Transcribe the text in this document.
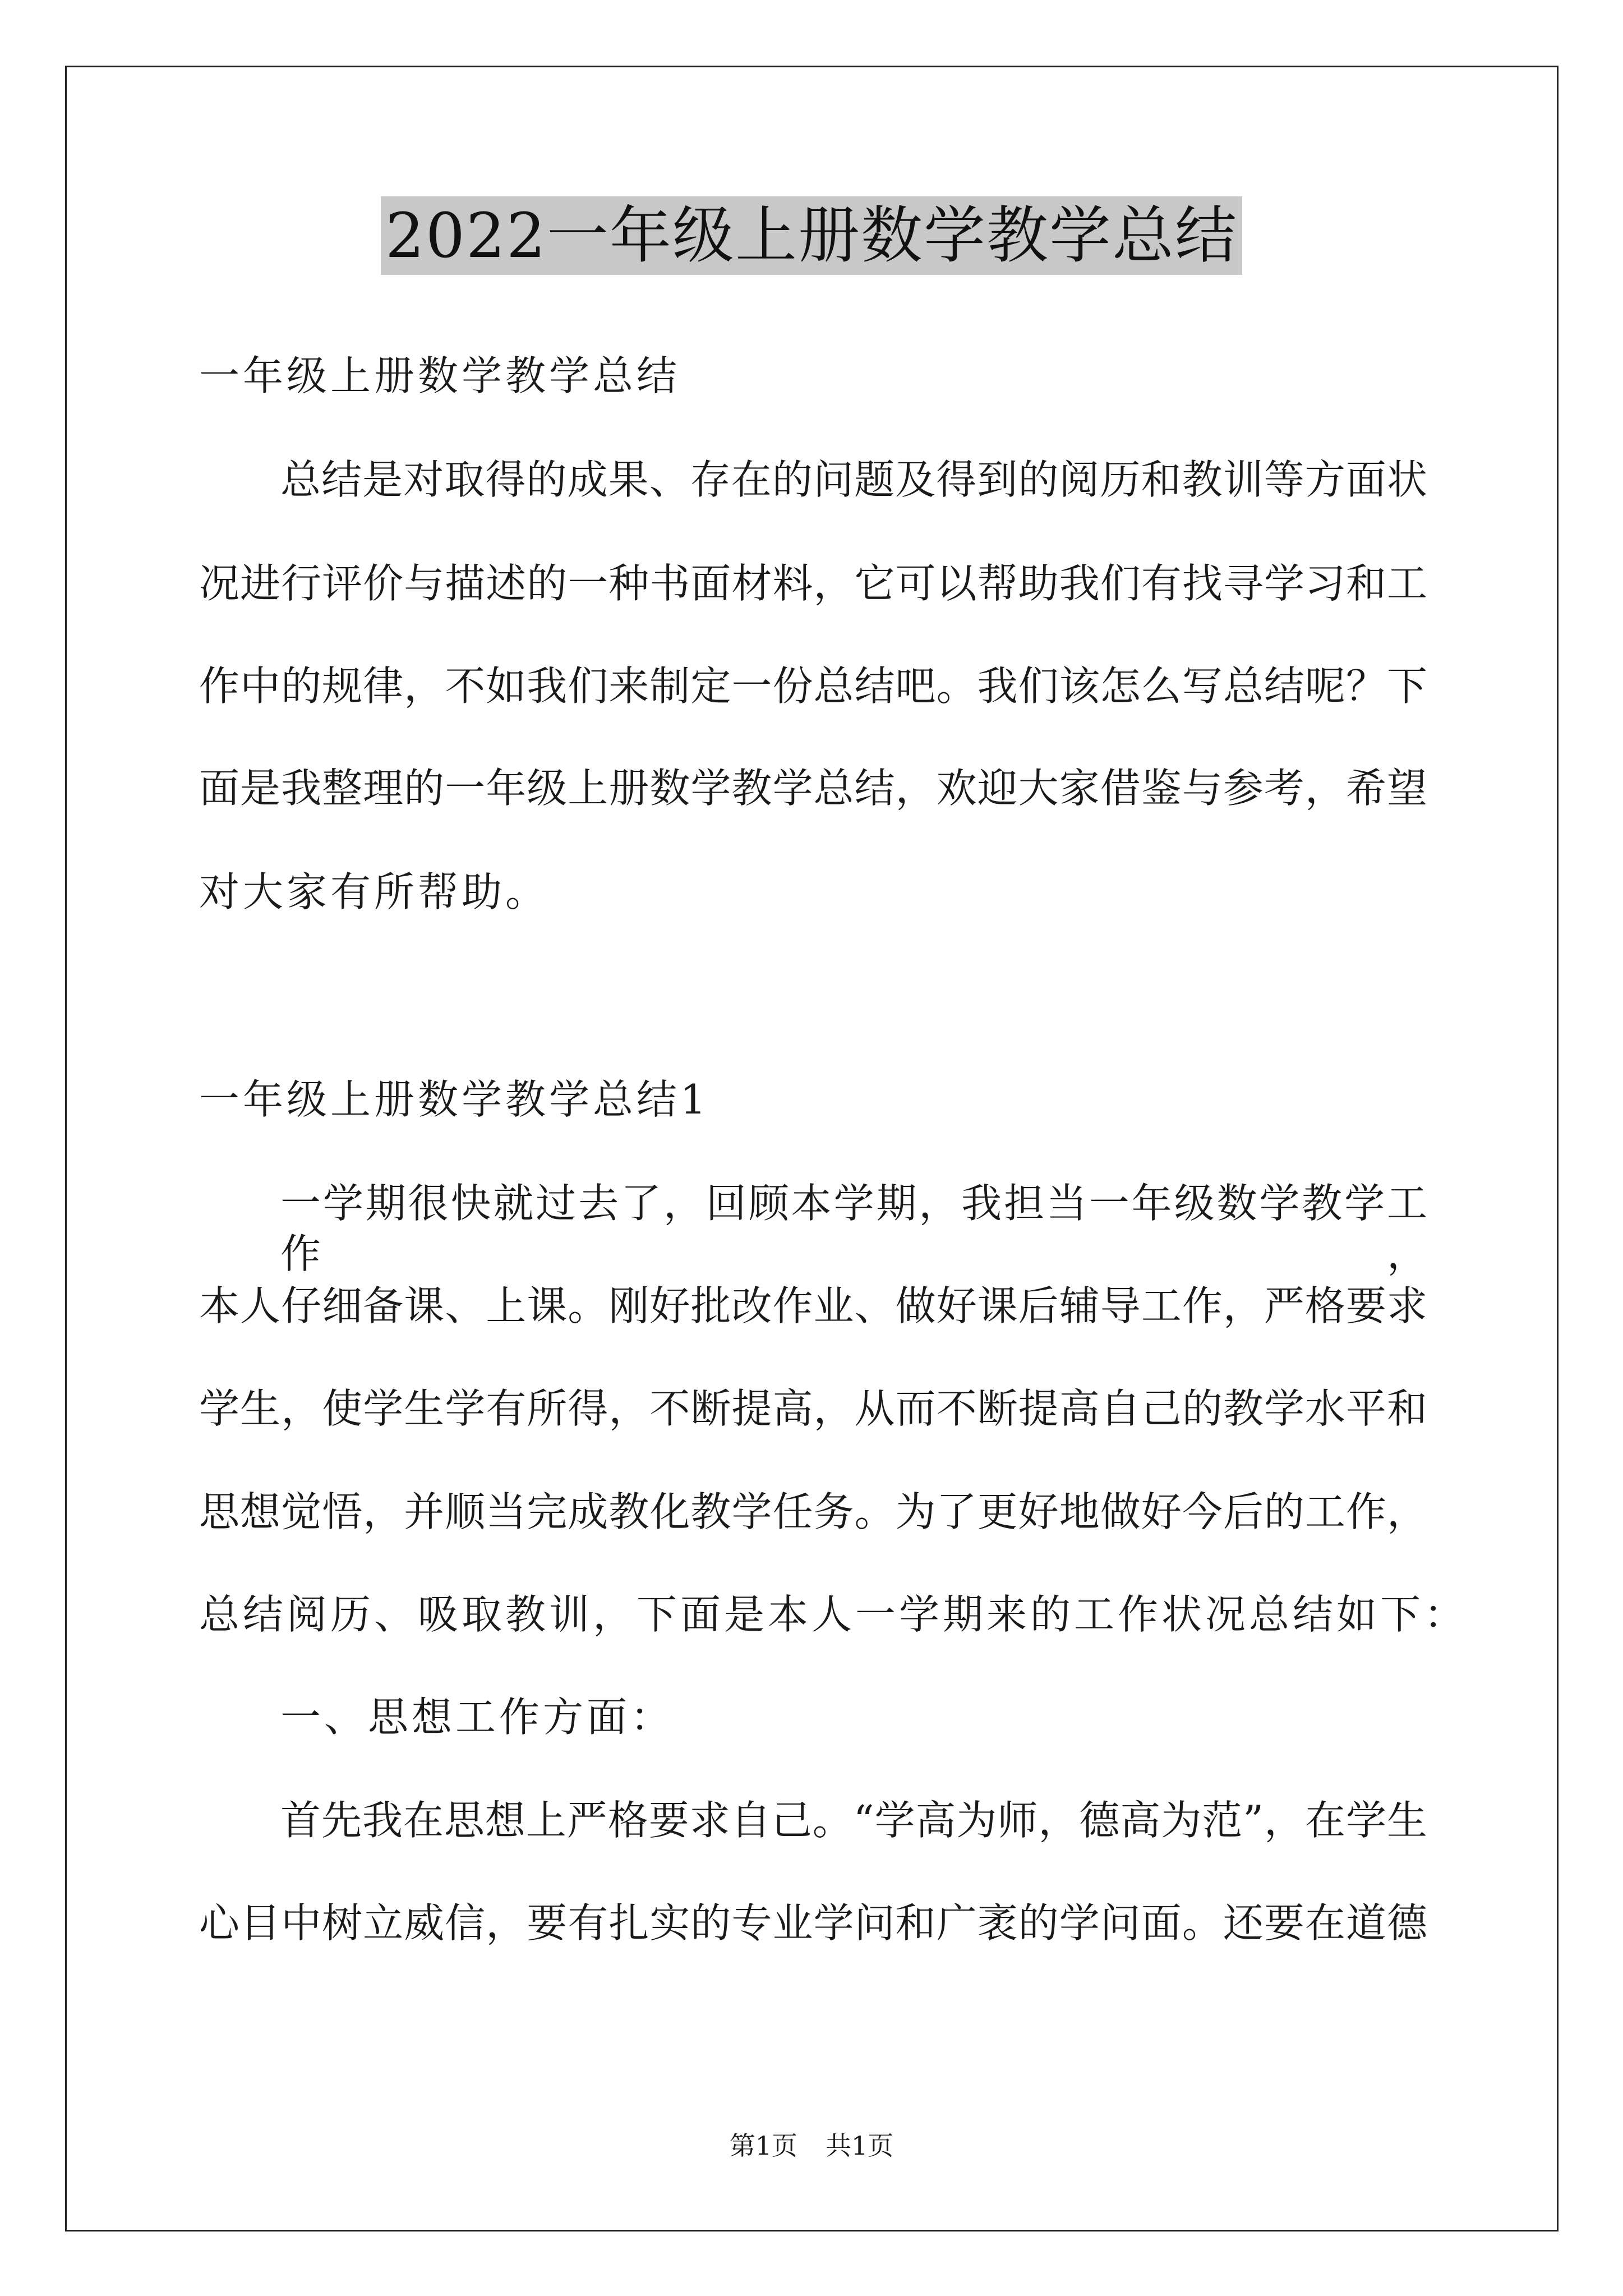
2022一年级上册数学教学总结
一年级上册数学教学总结
总结是对取得的成果、存在的问题及得到的阅历和教训等方面状
况进行评价与描述的一种书面材料，它可以帮助我们有找寻学习和工
作中的规律，不如我们来制定一份总结吧。我们该怎么写总结呢？下
面是我整理的一年级上册数学教学总结，欢迎大家借鉴与参考，希望
对大家有所帮助。
一年级上册数学教学总结1
一学期很快就过去了，回顾本学期，我担当一年级数学教学工作，
本人仔细备课、上课。刚好批改作业、做好课后辅导工作，严格要求
学生，使学生学有所得，不断提高，从而不断提高自己的教学水平和
思想觉悟，并顺当完成教化教学任务。为了更好地做好今后的工作，
总结阅历、吸取教训，下面是本人一学期来的工作状况总结如下：
一、思想工作方面：
首先我在思想上严格要求自己。“学高为师，德高为范”，在学生
心目中树立威信，要有扎实的专业学问和广袤的学问面。还要在道德
第1页 共1页
